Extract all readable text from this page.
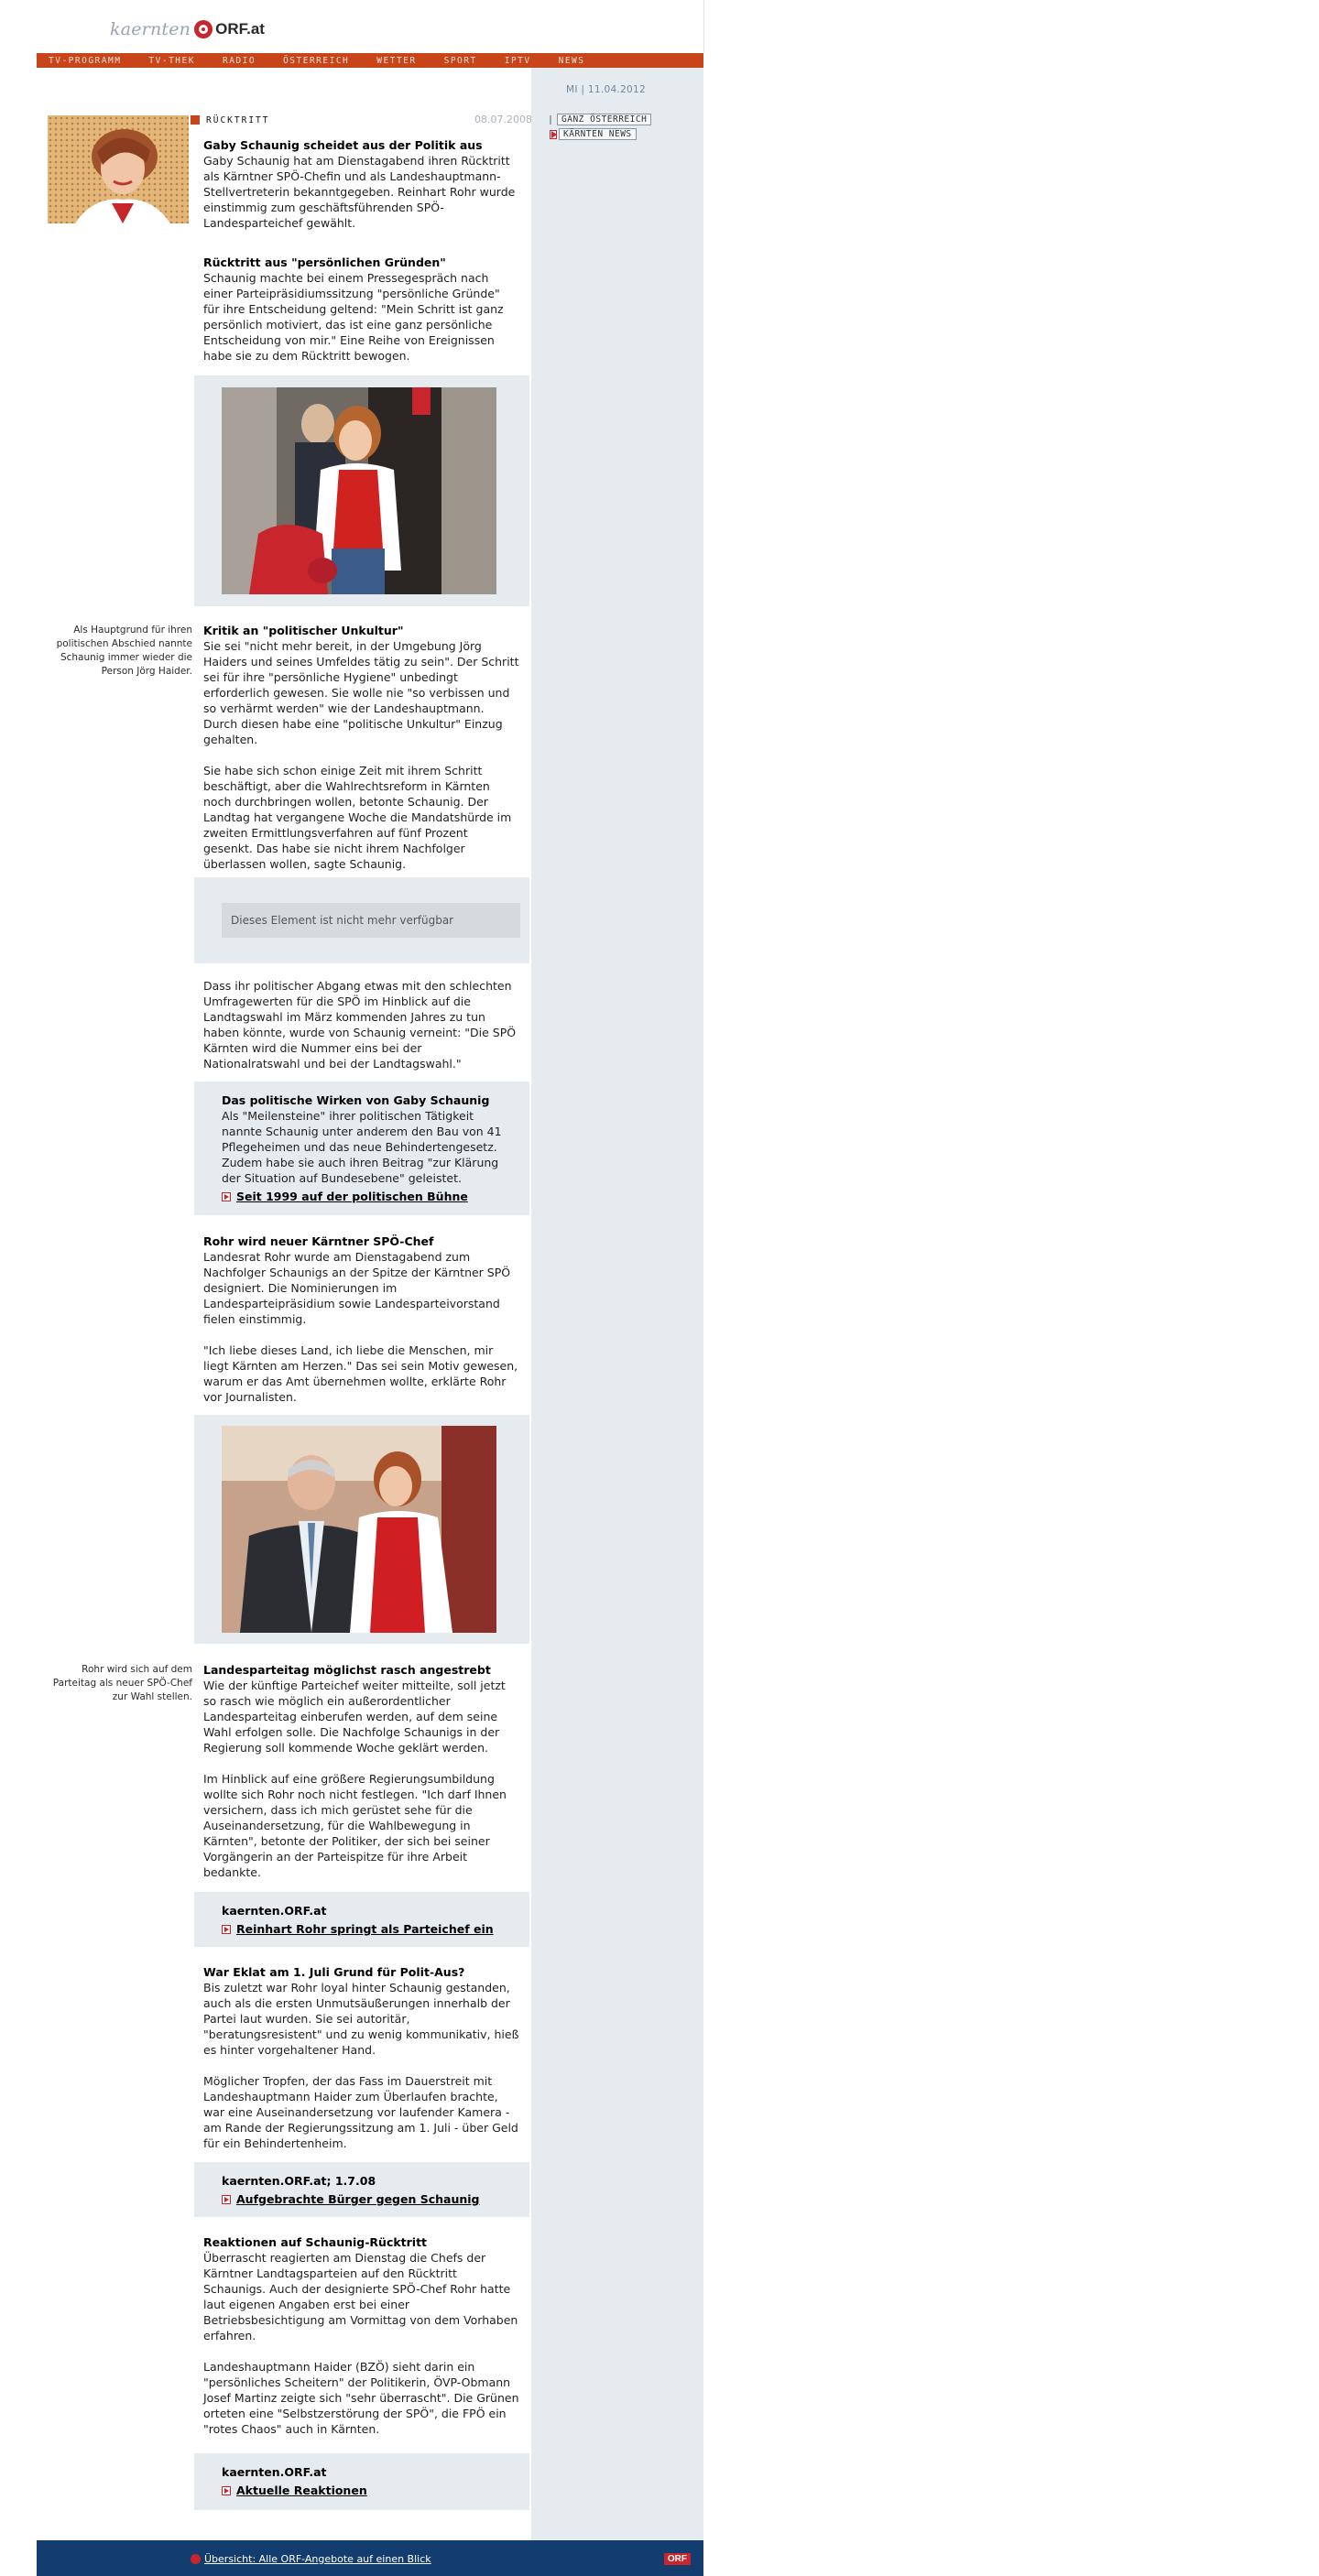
kaernten ORF.at
TV-PROGRAMM	TV-THEK	RADIO	ÖSTERREICH	WETTER	SPORT	IPTV	NEWS
MI | 11.04.2012
GANZ ÖSTERREICH
KÄRNTEN NEWS
RÜCKTRITT	08.07.2008
Gaby Schaunig scheidet aus der Politik aus

Gaby Schaunig hat am Dienstagabend ihren Rücktritt als Kärntner SPÖ-Chefin und als Landeshauptmann-Stellvertreterin bekanntgegeben. Reinhart Rohr wurde einstimmig zum geschäftsführenden SPÖ-Landesparteichef gewählt.

Rücktritt aus "persönlichen Gründen"

Schaunig machte bei einem Pressegespräch nach einer Parteipräsidiumssitzung "persönliche Gründe" für ihre Entscheidung geltend: "Mein Schritt ist ganz persönlich motiviert, das ist eine ganz persönliche Entscheidung von mir." Eine Reihe von Ereignissen habe sie zu dem Rücktritt bewogen.

Als Hauptgrund für ihren politischen Abschied nannte Schaunig immer wieder die Person Jörg Haider.
Kritik an "politischer Unkultur"

Sie sei "nicht mehr bereit, in der Umgebung Jörg Haiders und seines Umfeldes tätig zu sein". Der Schritt sei für ihre "persönliche Hygiene" unbedingt erforderlich gewesen. Sie wolle nie "so verbissen und so verhärmt werden" wie der Landeshauptmann. Durch diesen habe eine "politische Unkultur" Einzug gehalten.

Sie habe sich schon einige Zeit mit ihrem Schritt beschäftigt, aber die Wahlrechtsreform in Kärnten noch durchbringen wollen, betonte Schaunig. Der Landtag hat vergangene Woche die Mandatshürde im zweiten Ermittlungsverfahren auf fünf Prozent gesenkt. Das habe sie nicht ihrem Nachfolger überlassen wollen, sagte Schaunig.

Dieses Element ist nicht mehr verfügbar

Dass ihr politischer Abgang etwas mit den schlechten Umfragewerten für die SPÖ im Hinblick auf die Landtagswahl im März kommenden Jahres zu tun haben könnte, wurde von Schaunig verneint: "Die SPÖ Kärnten wird die Nummer eins bei der Nationalratswahl und bei der Landtagswahl."

Das politische Wirken von Gaby Schaunig

Als "Meilensteine" ihrer politischen Tätigkeit nannte Schaunig unter anderem den Bau von 41 Pflegeheimen und das neue Behindertengesetz. Zudem habe sie auch ihren Beitrag "zur Klärung der Situation auf Bundesebene" geleistet.

Seit 1999 auf der politischen Bühne
Rohr wird neuer Kärntner SPÖ-Chef

Landesrat Rohr wurde am Dienstagabend zum Nachfolger Schaunigs an der Spitze der Kärntner SPÖ designiert. Die Nominierungen im Landesparteipräsidium sowie Landesparteivorstand fielen einstimmig.

"Ich liebe dieses Land, ich liebe die Menschen, mir liegt Kärnten am Herzen." Das sei sein Motiv gewesen, warum er das Amt übernehmen wollte, erklärte Rohr vor Journalisten.

Rohr wird sich auf dem Parteitag als neuer SPÖ-Chef zur Wahl stellen.
Landesparteitag möglichst rasch angestrebt

Wie der künftige Parteichef weiter mitteilte, soll jetzt so rasch wie möglich ein außerordentlicher Landesparteitag einberufen werden, auf dem seine Wahl erfolgen solle. Die Nachfolge Schaunigs in der Regierung soll kommende Woche geklärt werden.

Im Hinblick auf eine größere Regierungsumbildung wollte sich Rohr noch nicht festlegen. "Ich darf Ihnen versichern, dass ich mich gerüstet sehe für die Auseinandersetzung, für die Wahlbewegung in Kärnten", betonte der Politiker, der sich bei seiner Vorgängerin an der Parteispitze für ihre Arbeit bedankte.

kaernten.ORF.at
Reinhart Rohr springt als Parteichef ein
War Eklat am 1. Juli Grund für Polit-Aus?

Bis zuletzt war Rohr loyal hinter Schaunig gestanden, auch als die ersten Unmutsäußerungen innerhalb der Partei laut wurden. Sie sei autoritär, "beratungsresistent" und zu wenig kommunikativ, hieß es hinter vorgehaltener Hand.

Möglicher Tropfen, der das Fass im Dauerstreit mit Landeshauptmann Haider zum Überlaufen brachte, war eine Auseinandersetzung vor laufender Kamera - am Rande der Regierungssitzung am 1. Juli - über Geld für ein Behindertenheim.

kaernten.ORF.at; 1.7.08
Aufgebrachte Bürger gegen Schaunig
Reaktionen auf Schaunig-Rücktritt

Überrascht reagierten am Dienstag die Chefs der Kärntner Landtagsparteien auf den Rücktritt Schaunigs. Auch der designierte SPÖ-Chef Rohr hatte laut eigenen Angaben erst bei einer Betriebsbesichtigung am Vormittag von dem Vorhaben erfahren.

Landeshauptmann Haider (BZÖ) sieht darin ein "persönliches Scheitern" der Politikerin, ÖVP-Obmann Josef Martinz zeigte sich "sehr überrascht". Die Grünen orteten eine "Selbstzerstörung der SPÖ", die FPÖ ein "rotes Chaos" auch in Kärnten.

kaernten.ORF.at
Aktuelle Reaktionen
Übersicht: Alle ORF-Angebote auf einen Blick	ORF
